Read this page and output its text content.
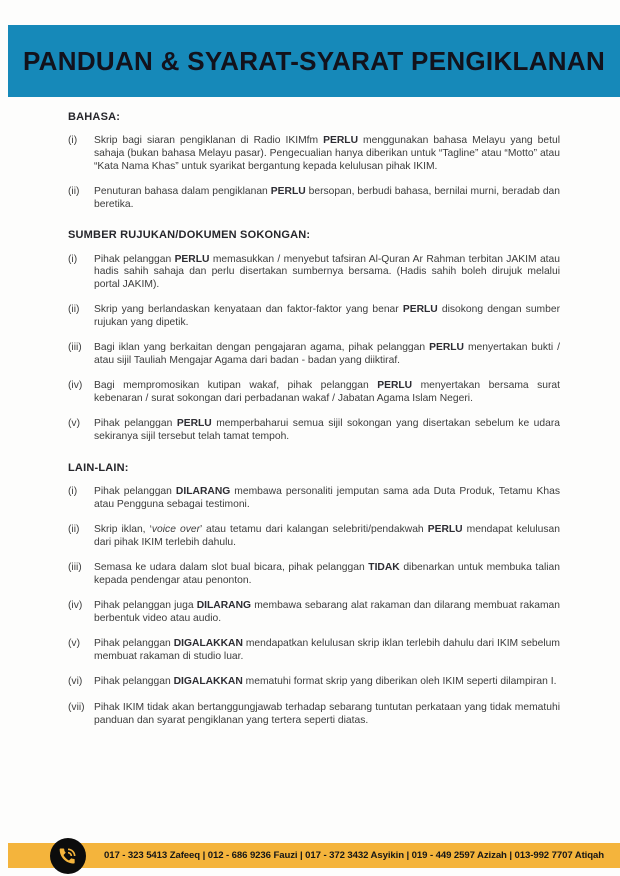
PANDUAN & SYARAT-SYARAT PENGIKLANAN
BAHASA:
(i)	Skrip bagi siaran pengiklanan di Radio IKIMfm PERLU menggunakan bahasa Melayu yang betul sahaja (bukan bahasa Melayu pasar). Pengecualian hanya diberikan untuk “Tagline” atau “Motto” atau “Kata Nama Khas” untuk syarikat bergantung kepada kelulusan pihak IKIM.

(ii)	Penuturan bahasa dalam pengiklanan PERLU bersopan, berbudi bahasa, bernilai murni, beradab dan beretika.

SUMBER RUJUKAN/DOKUMEN SOKONGAN:
(i)	Pihak pelanggan PERLU memasukkan / menyebut tafsiran Al-Quran Ar Rahman terbitan JAKIM atau hadis sahih sahaja dan perlu disertakan sumbernya bersama. (Hadis sahih boleh dirujuk melalui portal JAKIM).

(ii)	Skrip yang berlandaskan kenyataan dan faktor-faktor yang benar PERLU disokong dengan sumber rujukan yang dipetik.

(iii)	Bagi iklan yang berkaitan dengan pengajaran agama, pihak pelanggan PERLU menyertakan bukti / atau sijil Tauliah Mengajar Agama dari badan - badan yang diiktiraf.

(iv)	Bagi mempromosikan kutipan wakaf, pihak pelanggan PERLU menyertakan bersama surat kebenaran / surat sokongan dari perbadanan wakaf / Jabatan Agama Islam Negeri.

(v)	Pihak pelanggan PERLU memperbaharui semua sijil sokongan yang disertakan sebelum ke udara sekiranya sijil tersebut telah tamat tempoh.

LAIN-LAIN:
(i)	Pihak pelanggan DILARANG membawa personaliti jemputan sama ada Duta Produk, Tetamu Khas atau Pengguna sebagai testimoni.

(ii)	Skrip iklan, ‘voice over’ atau tetamu dari kalangan selebriti/pendakwah PERLU mendapat kelulusan dari pihak IKIM terlebih dahulu.

(iii)	Semasa ke udara dalam slot bual bicara, pihak pelanggan TIDAK dibenarkan untuk membuka talian kepada pendengar atau penonton.

(iv)	Pihak pelanggan juga DILARANG membawa sebarang alat rakaman dan dilarang membuat rakaman berbentuk video atau audio.

(v)	Pihak pelanggan DIGALAKKAN mendapatkan kelulusan skrip iklan terlebih dahulu dari IKIM sebelum membuat rakaman di studio luar.

(vi)	Pihak pelanggan DIGALAKKAN mematuhi format skrip yang diberikan oleh IKIM seperti dilampiran I.

(vii) Pihak IKIM tidak akan bertanggungjawab terhadap sebarang tuntutan perkataan yang tidak mematuhi panduan dan syarat pengiklanan yang tertera seperti diatas.

017 - 323 5413 Zafeeq | 012 - 686 9236 Fauzi | 017 - 372 3432 Asyikin | 019 - 449 2597 Azizah | 013-992 7707 Atiqah
